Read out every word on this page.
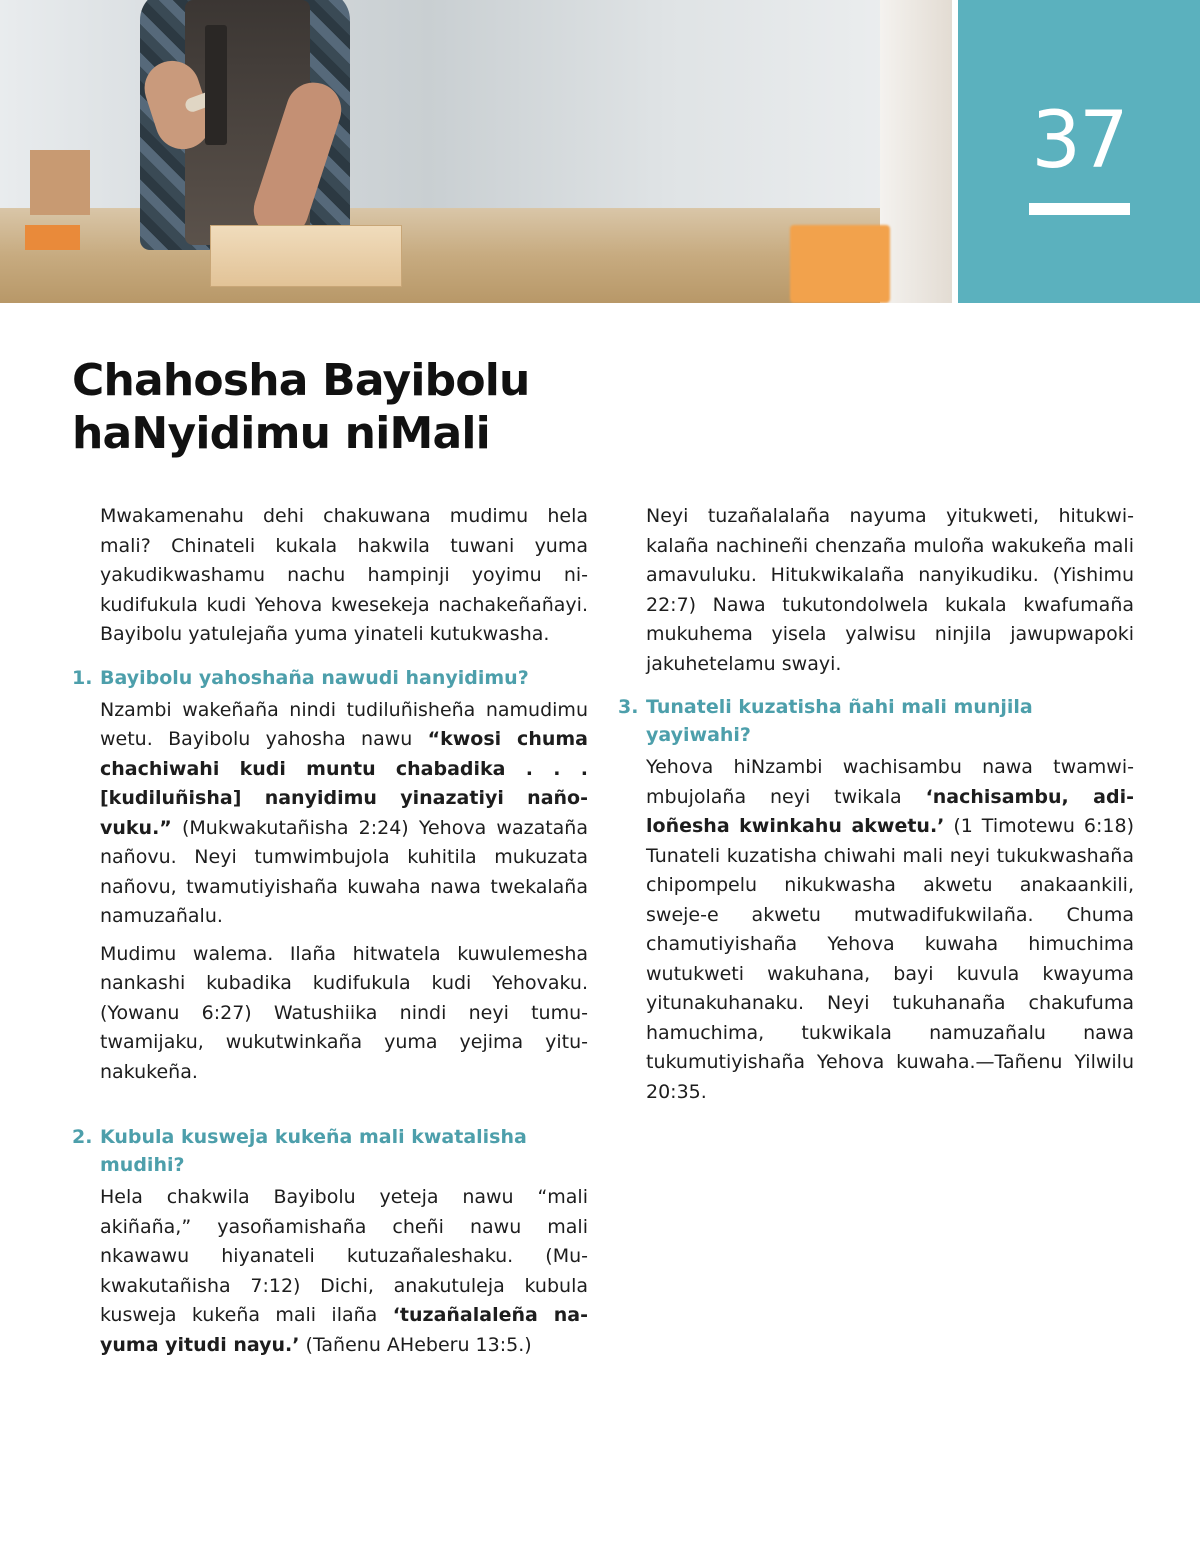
37
Chahosha Bayibolu
haNyidimu niMali

Mwakamenahu dehi chakuwana mudimu hela mali? Chinateli kukala hakwila tuwani yuma yakudikwashamu nachu hampinji yoyimu nikudifukula kudi Yehova kwesekeja nachakeñañayi. Bayibolu yatulejaña yuma yinateli kutukwasha.

1. Bayibolu yahoshaña nawudi hanyidimu?

Nzambi wakeñaña nindi tudiluñisheña namudimu wetu. Bayibolu yahosha nawu “kwosi chuma chachiwahi kudi muntu chabadika . . . [kudiluñisha] nanyidimu yinazatiyi nañovuku.” (Mukwakutañisha 2:24) Yehova wazataña nañovu. Neyi tumwimbujola kuhitila mukuzata nañovu, twamutiyishaña kuwaha nawa twekalaña namuzañalu.

Mudimu walema. Ilaña hitwatela kuwulemesha nankashi kubadika kudifukula kudi Yehovaku. (Yowanu 6:27) Watushiika nindi neyi tumutwamijaku, wukutwinkaña yuma yejima yitunakukeña.

2. Kubula kusweja kukeña mali kwatalisha mudihi?

Hela chakwila Bayibolu yeteja nawu “mali akiñaña,” yasoñamishaña cheñi nawu mali nkawawu hiyanateli kutuzañaleshaku. (Mukwakutañisha 7:12) Dichi, anakutuleja kubula kusweja kukeña mali ilaña ‘tuzañalaleña nayuma yitudi nayu.’ (Tañenu AHeberu 13:5.)

Neyi tuzañalalaña nayuma yitukweti, hitukwikalaña nachineñi chenzaña muloña wakukeña mali amavuluku. Hitukwikalaña nanyikudiku. (Yishimu 22:7) Nawa tukutondolwela kukala kwafumaña mukuhema yisela yalwisu ninjila jawupwapoki jakuhetelamu swayi.

3. Tunateli kuzatisha ñahi mali munjila yayiwahi?

Yehova hiNzambi wachisambu nawa twamwimbujolaña neyi twikala ‘nachisambu, adiloñesha kwinkahu akwetu.’ (1 Timotewu 6:​18) Tunateli kuzatisha chiwahi mali neyi tukukwashaña chipompelu nikukwasha akwetu anakaankili, sweje-e akwetu mutwadifukwilaña. Chuma chamutiyishaña Yehova kuwaha himuchima wutukweti wakuhana, bayi kuvula kwayuma yitunakuhanaku. Neyi tukuhanaña chakufuma hamuchima, tukwikala namuzañalu nawa tukumutiyishaña Yehova kuwaha.—Tañenu Yilwilu 20:35.
